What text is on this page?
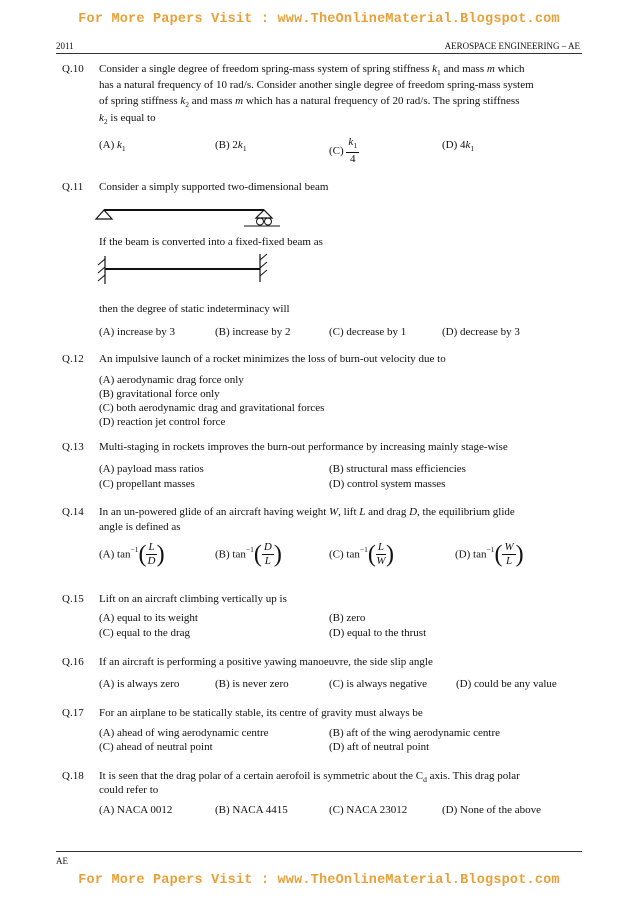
For More Papers Visit : www.TheOnlineMaterial.Blogspot.com
2011	AEROSPACE ENGINEERING – AE
Q.10 Consider a single degree of freedom spring-mass system of spring stiffness $k_1$ and mass m which
has a natural frequency of 10 rad/s. Consider another single degree of freedom spring-mass system
of spring stiffness $k_2$ and mass m which has a natural frequency of 20 rad/s. The spring stiffness
$k_2$ is equal to
(A) $k_1$	(B) $2k_1$	$(C) \frac{k_1}{4}$	(D) $4k_1$
Q.11 Consider a simply supported two-dimensional beam
If the beam is converted into a fixed-fixed beam as
then the degree of static indeterminacy will
(A) increase by 3	(B) increase by 2	(C) decrease by 1	(D) decrease by 3
Q.12 An impulsive launch of a rocket minimizes the loss of burn-out velocity due to
(A) aerodynamic drag force only
(B) gravitational force only
(C) both aerodynamic drag and gravitational forces
(D) reaction jet control force
Q.13 Multi-staging in rockets improves the burn-out performance by increasing mainly stage-wise
(A) payload mass ratios	(B) structural mass efficiencies
(C) propellant masses	(D) control system masses
Q.14 In an un-powered glide of an aircraft having weight W, lift L and drag D, the equilibrium glide
angle is defined as
(A) $\tan^{-1}( \frac{L}{D}$ )	(B) $\tan^{-1}( \frac{D}{L}$ )	(C) $\tan^{-1}( \frac{L}{W}$ )	(D) $\tan^{-1}( \frac{W}{L}$ )
Q.15 Lift on an aircraft climbing vertically up is
(A) equal to its weight	(B) zero
(C) equal to the drag	(D) equal to the thrust
Q.16 If an aircraft is performing a positive yawing manoeuvre, the side slip angle
(A) is always zero	(B) is never zero	(C) is always negative	(D) could be any value
Q.17 For an airplane to be statically stable, its centre of gravity must always be
(A) ahead of wing aerodynamic centre	(B) aft of the wing aerodynamic centre
(C) ahead of neutral point	(D) aft of neutral point
Q.18 It is seen that the drag polar of a certain aerofoil is symmetric about the $C_d$ axis. This drag polar
could refer to
(A) NACA 0012	(B) NACA 4415	(C) NACA 23012	(D) None of the above
AE
For More Papers Visit : www.TheOnlineMaterial.Blogspot.com
